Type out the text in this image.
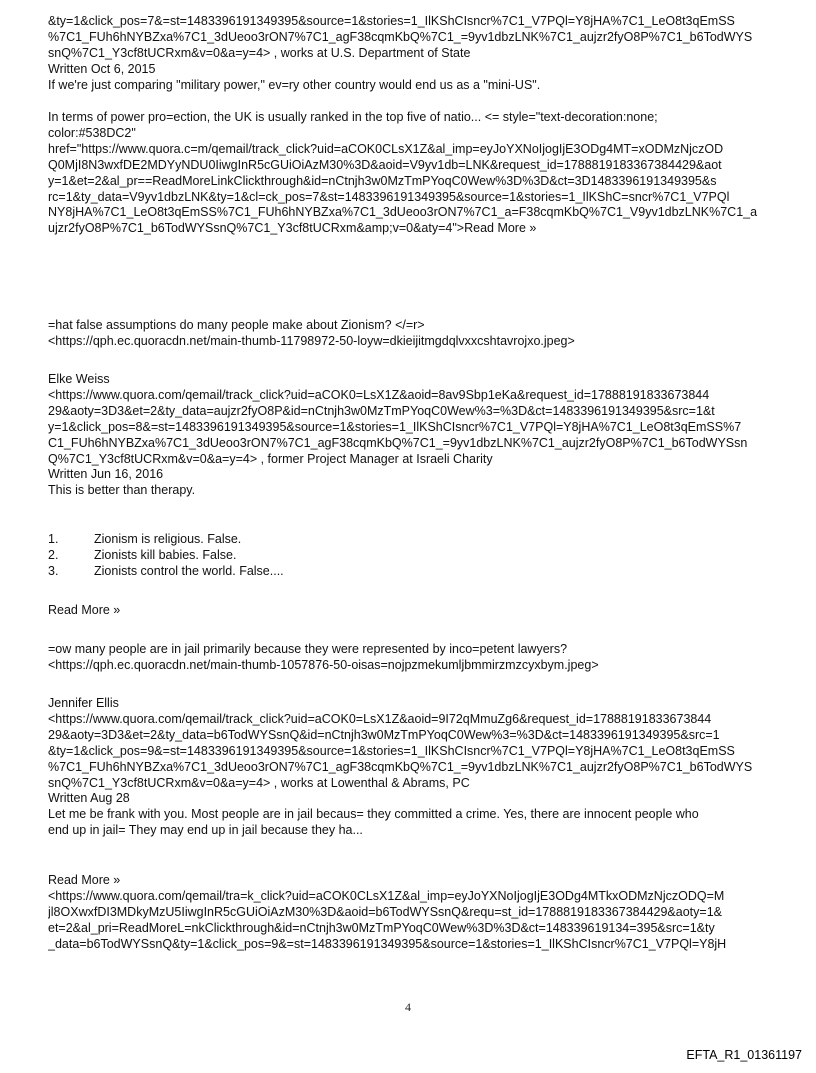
&ty=1&click_pos=7&=st=1483396191349395&source=1&stories=1_IlKShCIsncr%7C1_V7PQl=Y8jHA%7C1_LeO8t3qEmSS
%7C1_FUh6hNYBZxa%7C1_3dUeoo3rON7%7C1_agF38cqmKbQ%7C1_=9yv1dbzLNK%7C1_aujzr2fyO8P%7C1_b6TodWYS
snQ%7C1_Y3cf8tUCRxm&v=0&a=y=4> , works at U.S. Department of State
Written Oct 6, 2015
If we're just comparing "military power," ev=ry other country would end us as a "mini-US".
In terms of power pro=ection, the UK is usually ranked in the top five of natio... <= style="text-decoration:none;
color:#538DC2"
href="https://www.quora.c=m/qemail/track_click?uid=aCOK0CLsX1Z&al_imp=eyJoYXNoIjogIjE3ODg4MT=xODMzNjczOD
Q0MjI8N3wxfDE2MDYyNDU0IiwgInR5cGUiOiAzM30%3D&aoid=V9yv1db=LNK&request_id=1788819183367384429&aot
y=1&et=2&al_pr==ReadMoreLinkClickthrough&id=nCtnjh3w0MzTmPYoqC0Wew%3D%3D&ct=3D1483396191349395&s
rc=1&ty_data=V9yv1dbzLNK&ty=1&cl=ck_pos=7&st=1483396191349395&source=1&stories=1_IlKShC=sncr%7C1_V7PQl
NY8jHA%7C1_LeO8t3qEmSS%7C1_FUh6hNYBZxa%7C1_3dUeoo3rON7%7C1_a=F38cqmKbQ%7C1_V9yv1dbzLNK%7C1_a
ujzr2fyO8P%7C1_b6TodWYSsnQ%7C1_Y3cf8tUCRxm&amp;v=0&aty=4">Read More »
=hat false assumptions do many people make about Zionism? </=r>
<https://qph.ec.quoracdn.net/main-thumb-11798972-50-loyw=dkieijitmgdqlvxxcshtavrojxo.jpeg>
Elke Weiss
<https://www.quora.com/qemail/track_click?uid=aCOK0=LsX1Z&aoid=8av9Sbp1eKa&request_id=17888191833673844
29&aoty=3D3&et=2&ty_data=aujzr2fyO8P&id=nCtnjh3w0MzTmPYoqC0Wew%3=%3D&ct=1483396191349395&src=1&t
y=1&click_pos=8&=st=1483396191349395&source=1&stories=1_IlKShCIsncr%7C1_V7PQl=Y8jHA%7C1_LeO8t3qEmSS%7
C1_FUh6hNYBZxa%7C1_3dUeoo3rON7%7C1_agF38cqmKbQ%7C1_=9yv1dbzLNK%7C1_aujzr2fyO8P%7C1_b6TodWYSsn
Q%7C1_Y3cf8tUCRxm&v=0&a=y=4> , former Project Manager at Israeli Charity
Written Jun 16, 2016
This is better than therapy.
1.	Zionism is religious. False.
2.	Zionists kill babies. False.
3.	Zionists control the world. False....
Read More »
=ow many people are in jail primarily because they were represented by inco=petent lawyers?
<https://qph.ec.quoracdn.net/main-thumb-1057876-50-oisas=nojpzmekumljbmmirzmzcyxbym.jpeg>
Jennifer Ellis
<https://www.quora.com/qemail/track_click?uid=aCOK0=LsX1Z&aoid=9I72qMmuZg6&request_id=17888191833673844
29&aoty=3D3&et=2&ty_data=b6TodWYSsnQ&id=nCtnjh3w0MzTmPYoqC0Wew%3=%3D&ct=1483396191349395&src=1
&ty=1&click_pos=9&=st=1483396191349395&source=1&stories=1_IlKShCIsncr%7C1_V7PQl=Y8jHA%7C1_LeO8t3qEmSS
%7C1_FUh6hNYBZxa%7C1_3dUeoo3rON7%7C1_agF38cqmKbQ%7C1_=9yv1dbzLNK%7C1_aujzr2fyO8P%7C1_b6TodWYS
snQ%7C1_Y3cf8tUCRxm&v=0&a=y=4> , works at Lowenthal & Abrams, PC
Written Aug 28
Let me be frank with you. Most people are in jail becaus= they committed a crime. Yes, there are innocent people who
end up in jail= They may end up in jail because they ha...
Read More »
<https://www.quora.com/qemail/tra=k_click?uid=aCOK0CLsX1Z&al_imp=eyJoYXNoIjogIjE3ODg4MTkxODMzNjczODQ=M
jl8OXwxfDI3MDkyMzU5IiwgInR5cGUiOiAzM30%3D&aoid=b6TodWYSsnQ&requ=st_id=1788819183367384429&aoty=1&
et=2&al_pri=ReadMoreL=nkClickthrough&id=nCtnjh3w0MzTmPYoqC0Wew%3D%3D&ct=148339619134=395&src=1&ty
_data=b6TodWYSsnQ&ty=1&click_pos=9&=st=1483396191349395&source=1&stories=1_IlKShCIsncr%7C1_V7PQl=Y8jH
4
EFTA_R1_01361197
